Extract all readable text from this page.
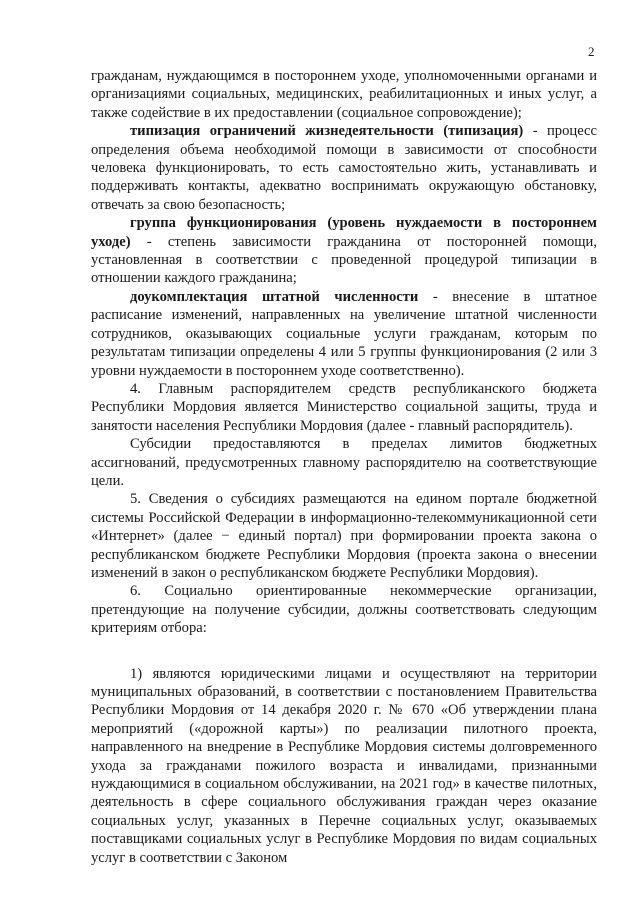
2

гражданам, нуждающимся в постороннем уходе, уполномоченными органами и организациями социальных, медицинских, реабилитационных и иных услуг, а также содействие в их предоставлении (социальное сопровождение);

типизация ограничений жизнедеятельности (типизация) - процесс определения объема необходимой помощи в зависимости от способности человека функционировать, то есть самостоятельно жить, устанавливать и поддерживать контакты, адекватно воспринимать окружающую обстановку, отвечать за свою безопасность;

группа функционирования (уровень нуждаемости в постороннем уходе) - степень зависимости гражданина от посторонней помощи, установленная в соответствии с проведенной процедурой типизации в отношении каждого гражданина;

доукомплектация штатной численности - внесение в штатное расписание изменений, направленных на увеличение штатной численности сотрудников, оказывающих социальные услуги гражданам, которым по результатам типизации определены 4 или 5 группы функционирования (2 или 3 уровни нуждаемости в постороннем уходе соответственно).

4. Главным распорядителем средств республиканского бюджета Республики Мордовия является Министерство социальной защиты, труда и занятости населения Республики Мордовия (далее - главный распорядитель).

Субсидии предоставляются в пределах лимитов бюджетных ассигнований, предусмотренных главному распорядителю на соответствующие цели.

5. Сведения о субсидиях размещаются на едином портале бюджетной системы Российской Федерации в информационно-телекоммуникационной сети «Интернет» (далее − единый портал) при формировании проекта закона о республиканском бюджете Республики Мордовия (проекта закона о внесении изменений в закон о республиканском бюджете Республики Мордовия).

6. Социально ориентированные некоммерческие организации, претендующие на получение субсидии, должны соответствовать следующим критериям отбора:

1) являются юридическими лицами и осуществляют на территории муниципальных образований, в соответствии с постановлением Правительства Республики Мордовия от 14 декабря 2020 г. № 670 «Об утверждении плана мероприятий («дорожной карты») по реализации пилотного проекта, направленного на внедрение в Республике Мордовия системы долговременного ухода за гражданами пожилого возраста и инвалидами, признанными нуждающимися в социальном обслуживании, на 2021 год» в качестве пилотных, деятельность в сфере социального обслуживания граждан через оказание социальных услуг, указанных в Перечне социальных услуг, оказываемых поставщиками социальных услуг в Республике Мордовия по видам социальных услуг в соответствии с Законом
